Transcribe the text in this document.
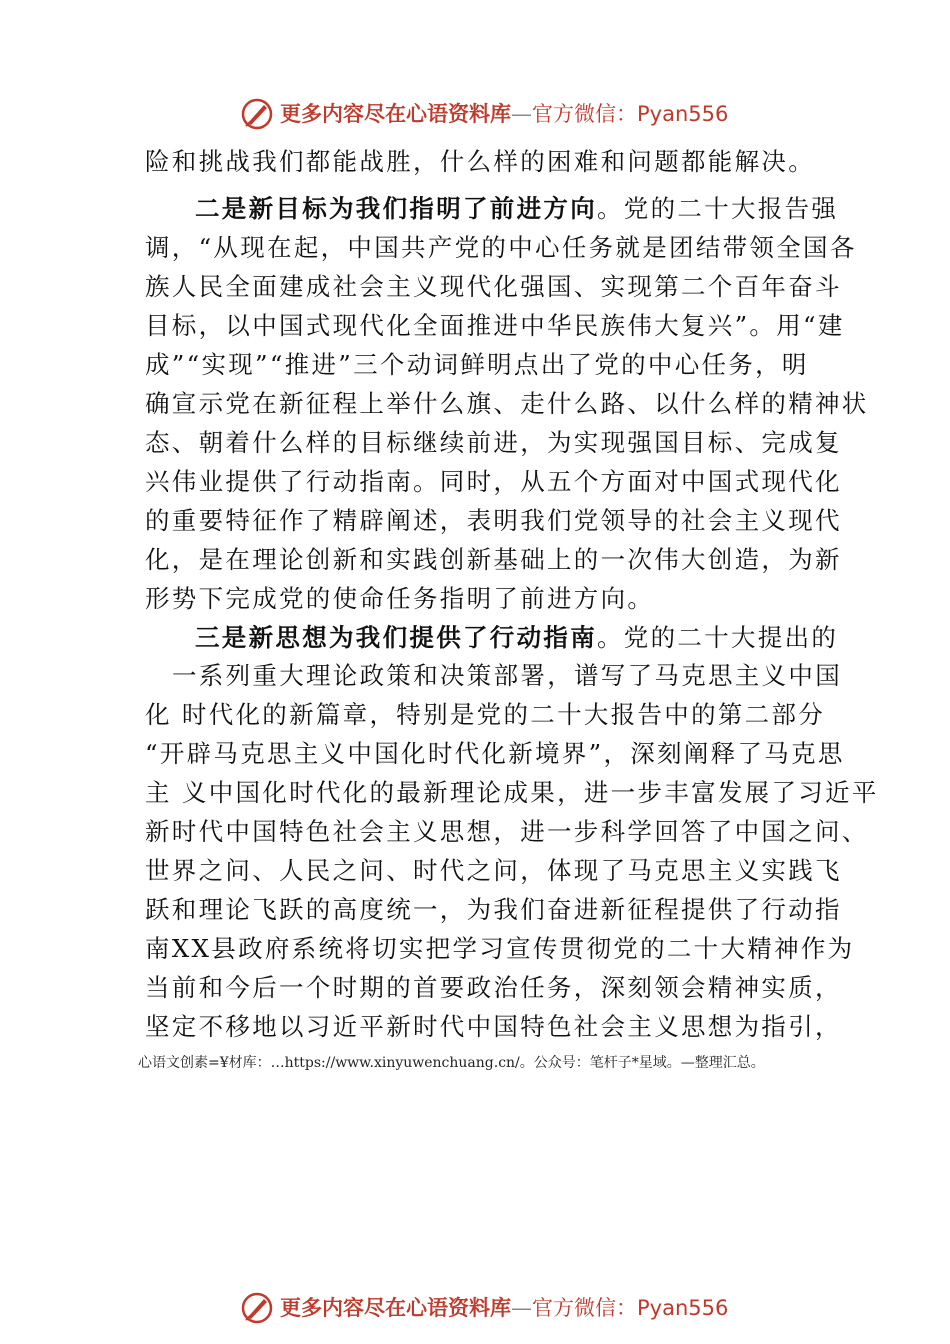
更多内容尽在心语资料库—官方微信：Pyan556
险和挑战我们都能战胜，什么样的困难和问题都能解决。
二是新目标为我们指明了前进方向。党的二十大报告强
调，“从现在起，中国共产党的中心任务就是团结带领全国各
族人民全面建成社会主义现代化强国、实现第二个百年奋斗
目标，以中国式现代化全面推进中华民族伟大复兴”。用“建
成”“实现”“推进”三个动词鲜明点出了党的中心任务，明
确宣示党在新征程上举什么旗、走什么路、以什么样的精神状
态、朝着什么样的目标继续前进，为实现强国目标、完成复
兴伟业提供了行动指南。同时，从五个方面对中国式现代化
的重要特征作了精辟阐述，表明我们党领导的社会主义现代
化，是在理论创新和实践创新基础上的一次伟大创造，为新
形势下完成党的使命任务指明了前进方向。
三是新思想为我们提供了行动指南。党的二十大提出的
一系列重大理论政策和决策部署，谱写了马克思主义中国
化 时代化的新篇章，特别是党的二十大报告中的第二部分
“开辟马克思主义中国化时代化新境界”，深刻阐释了马克思
主 义中国化时代化的最新理论成果，进一步丰富发展了习近平
新时代中国特色社会主义思想，进一步科学回答了中国之问、
世界之问、人民之问、时代之问，体现了马克思主义实践飞
跃和理论飞跃的高度统一，为我们奋进新征程提供了行动指
南XX县政府系统将切实把学习宣传贯彻党的二十大精神作为
当前和今后一个时期的首要政治任务，深刻领会精神实质，
坚定不移地以习近平新时代中国特色社会主义思想为指引，
心语文创素=¥材库：…https://www.xinyuwenchuang.cn/。公众号：笔杆子*星域。—整理汇总。
更多内容尽在心语资料库—官方微信：Pyan556
